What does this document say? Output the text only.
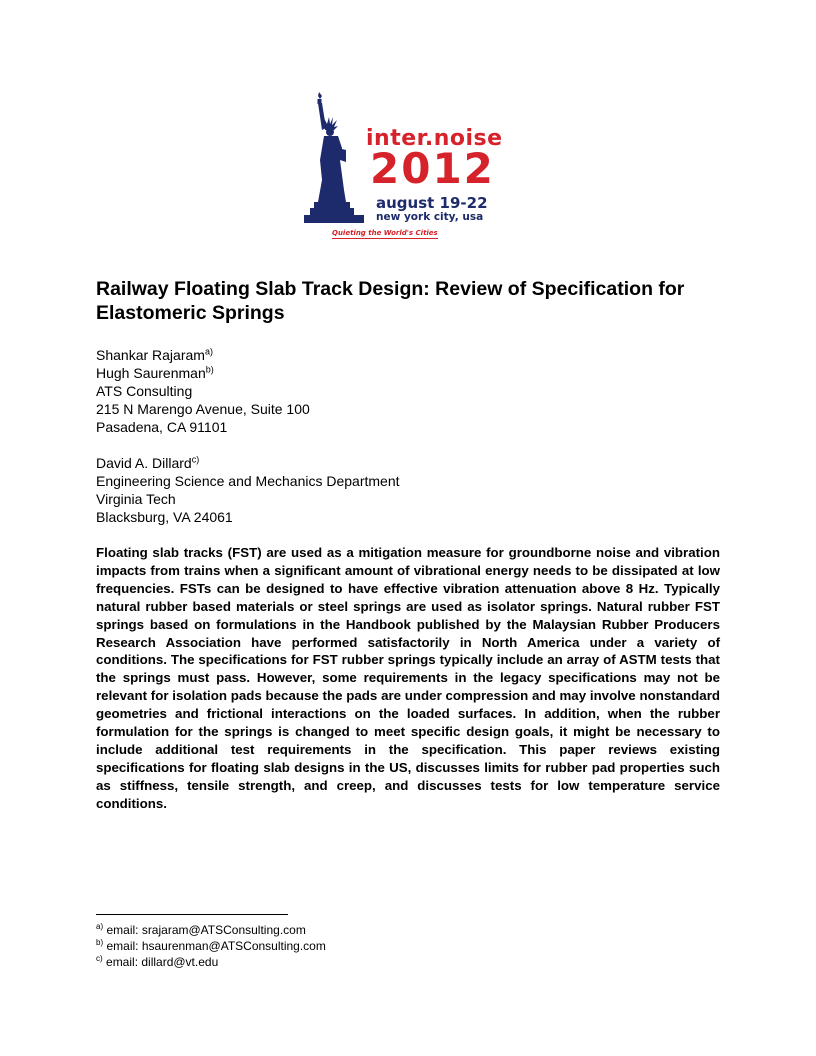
inter.noise
2012
august 19-22
new york city, usa
Quieting the World's Cities
Railway Floating Slab Track Design: Review of Specification for Elastomeric Springs
Shankar Rajaram$^{a)}$
Hugh Saurenman$^{b)}$
ATS Consulting
215 N Marengo Avenue, Suite 100
Pasadena, CA 91101
David A. Dillard$^{c)}$
Engineering Science and Mechanics Department
Virginia Tech
Blacksburg, VA 24061

Floating slab tracks (FST) are used as a mitigation measure for groundborne noise and vibration impacts from trains when a significant amount of vibrational energy needs to be dissipated at low frequencies. FSTs can be designed to have effective vibration attenuation above 8 Hz. Typically natural rubber based materials or steel springs are used as isolator springs. Natural rubber FST springs based on formulations in the Handbook published by the Malaysian Rubber Producers Research Association have performed satisfactorily in North America under a variety of conditions. The specifications for FST rubber springs typically include an array of ASTM tests that the springs must pass. However, some requirements in the legacy specifications may not be relevant for isolation pads because the pads are under compression and may involve nonstandard geometries and frictional interactions on the loaded surfaces. In addition, when the rubber formulation for the springs is changed to meet specific design goals, it might be necessary to include additional test requirements in the specification. This paper reviews existing specifications for floating slab designs in the US, discusses limits for rubber pad properties such as stiffness, tensile strength, and creep, and discusses tests for low temperature service conditions.

$^{a)}$ email: srajaram@ATSConsulting.com
$^{b)}$ email: hsaurenman@ATSConsulting.com
$^{c)}$ email: dillard@vt.edu
